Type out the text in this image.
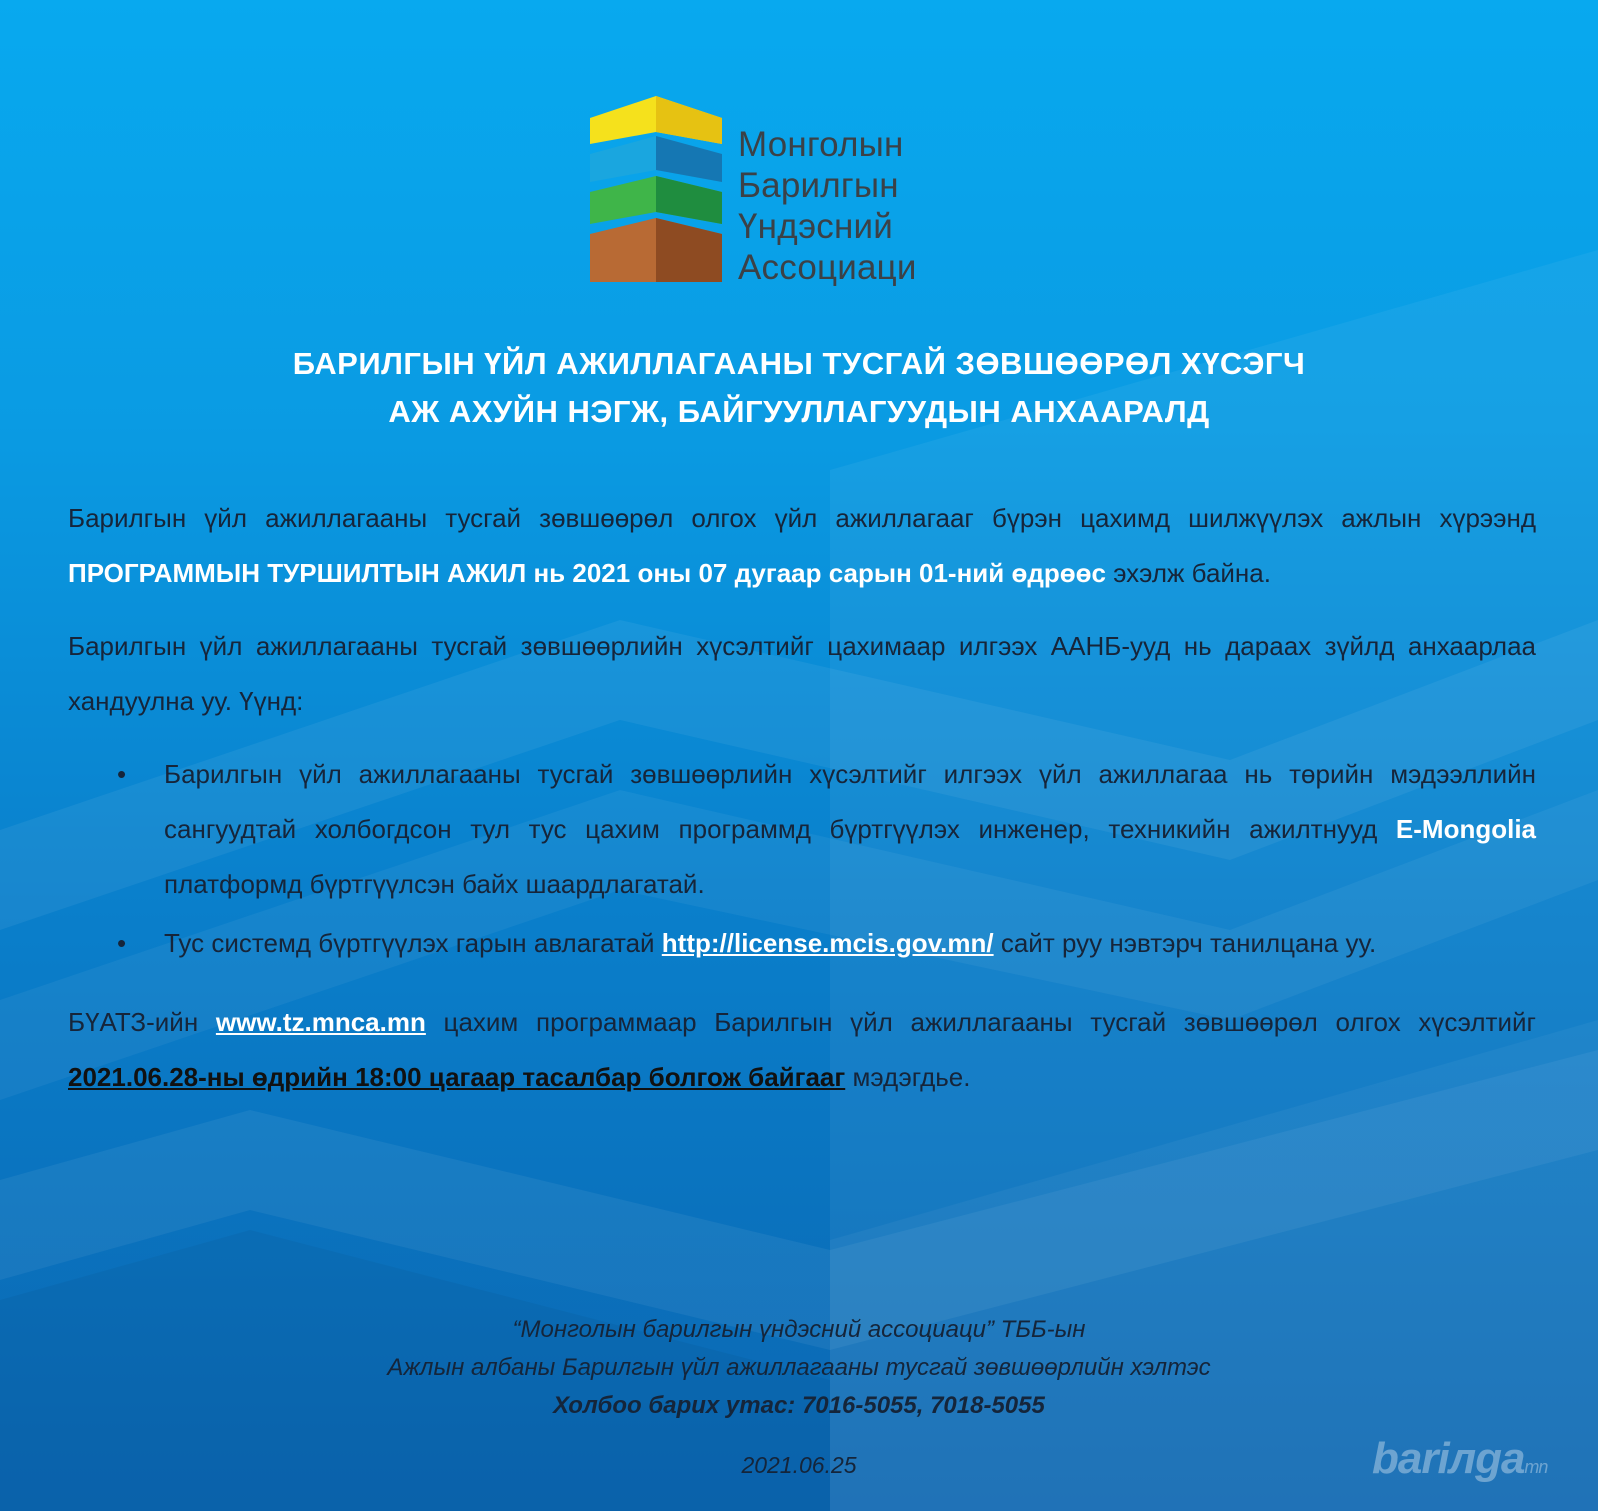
Монголын
Барилгын
Үндэсний
Ассоциаци
БАРИЛГЫН ҮЙЛ АЖИЛЛАГААНЫ ТУСГАЙ ЗӨВШӨӨРӨЛ ХҮСЭГЧ
АЖ АХУЙН НЭГЖ, БАЙГУУЛЛАГУУДЫН АНХААРАЛД

Барилгын үйл ажиллагааны тусгай зөвшөөрөл олгох үйл ажиллагааг бүрэн цахимд шилжүүлэх ажлын хүрээнд ПРОГРАММЫН ТУРШИЛТЫН АЖИЛ нь 2021 оны 07 дугаар сарын 01-ний өдрөөс эхэлж байна.

Барилгын үйл ажиллагааны тусгай зөвшөөрлийн хүсэлтийг цахимаар илгээх ААНБ-ууд нь дараах зүйлд анхаарлаа хандуулна уу. Үүнд:

• Барилгын үйл ажиллагааны тусгай зөвшөөрлийн хүсэлтийг илгээх үйл ажиллагаа нь төрийн мэдээллийн сангуудтай холбогдсон тул тус цахим программд бүртгүүлэх инженер, техникийн ажилтнууд E-Mongolia платформд бүртгүүлсэн байх шаардлагатай.
• Тус системд бүртгүүлэх гарын авлагатай http://license.mcis.gov.mn/ сайт руу нэвтэрч танилцана уу.

БҮАТЗ-ийн www.tz.mnca.mn цахим программаар Барилгын үйл ажиллагааны тусгай зөвшөөрөл олгох хүсэлтийг 2021.06.28-ны өдрийн 18:00 цагаар тасалбар болгож байгааг мэдэгдье.

“Монголын барилгын үндэсний ассоциаци” ТББ-ын
Ажлын албаны Барилгын үйл ажиллагааны тусгай зөвшөөрлийн хэлтэс
Холбоо барих утас: 7016-5055, 7018-5055
2021.06.25	bariлgamn
